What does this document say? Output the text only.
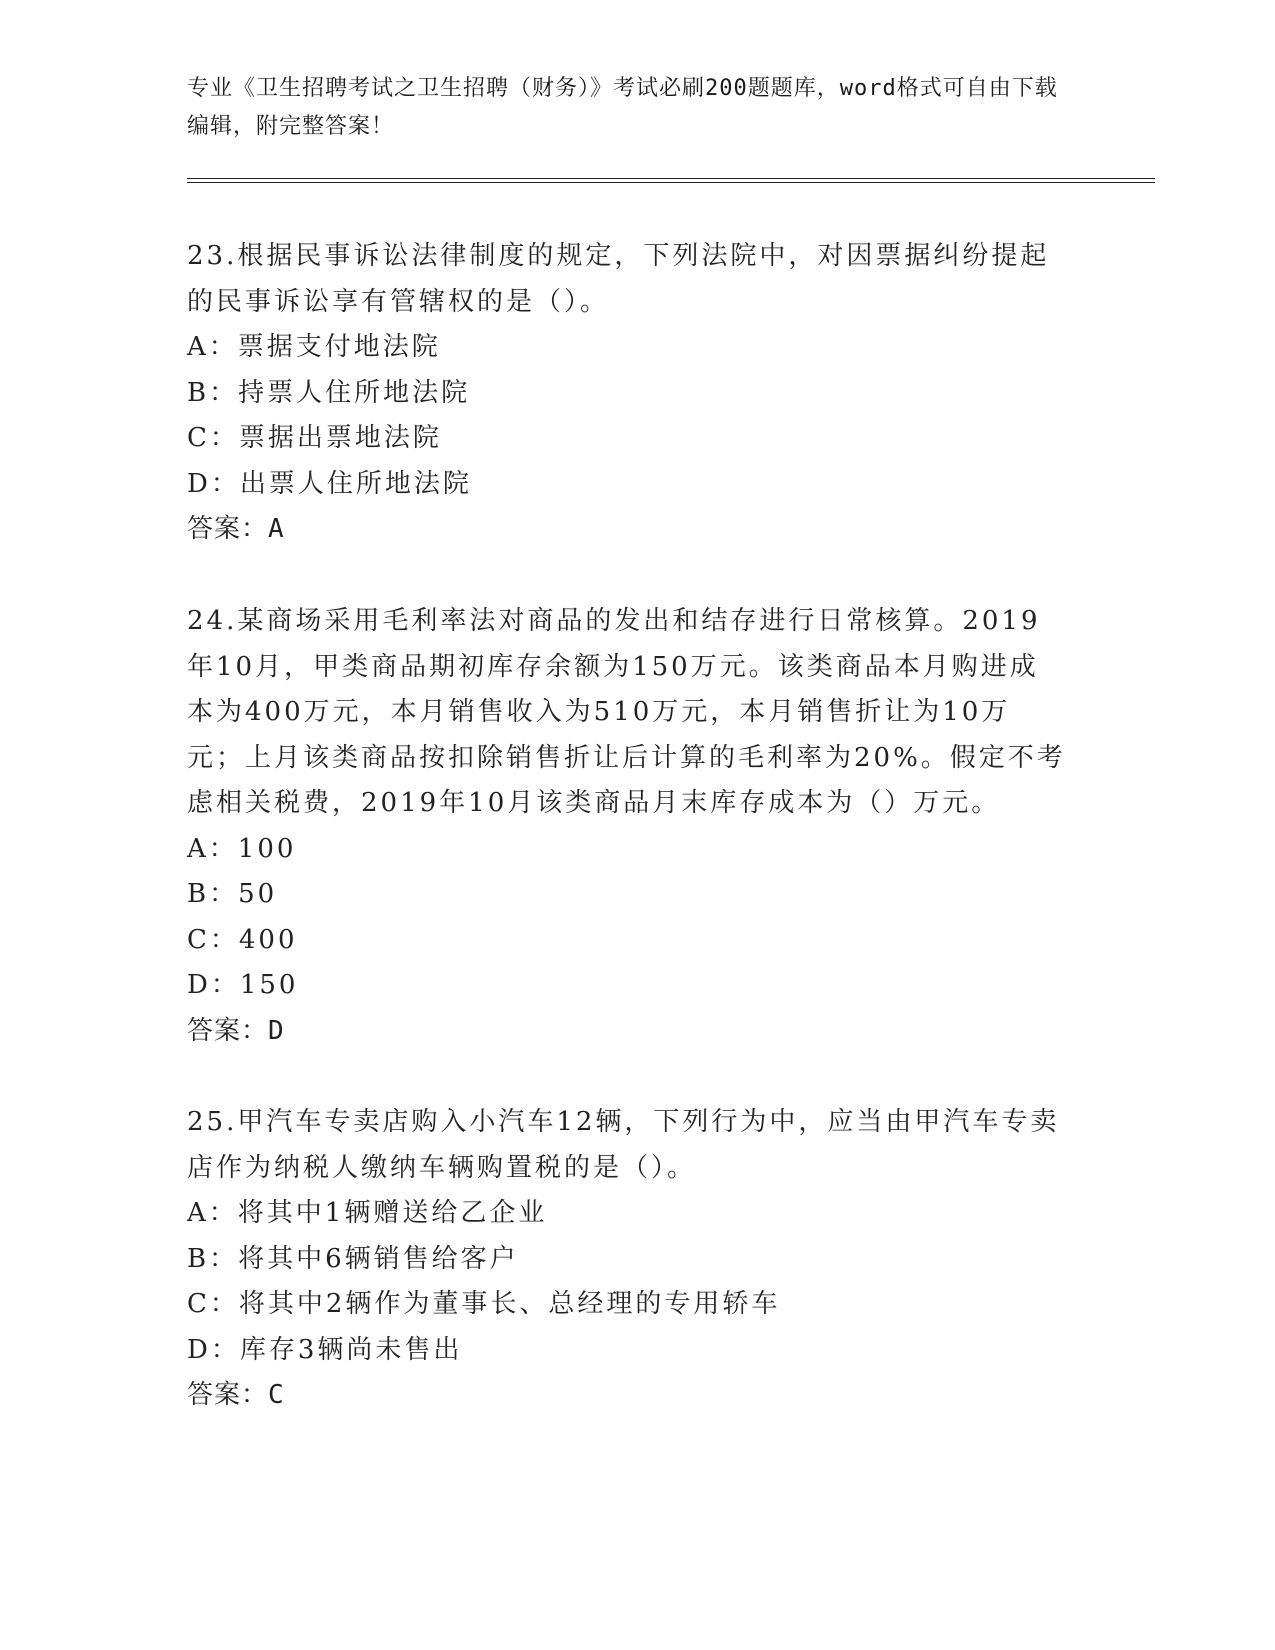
专业《卫生招聘考试之卫生招聘（财务）》考试必刷200题题库，word格式可自由下载编辑，附完整答案！

23.根据民事诉讼法律制度的规定，下列法院中，对因票据纠纷提起的民事诉讼享有管辖权的是（）。

A：票据支付地法院
B：持票人住所地法院
C：票据出票地法院
D：出票人住所地法院
答案：A

24.某商场采用毛利率法对商品的发出和结存进行日常核算。2019年10月，甲类商品期初库存余额为150万元。该类商品本月购进成本为400万元，本月销售收入为510万元，本月销售折让为10万元；上月该类商品按扣除销售折让后计算的毛利率为20%。假定不考虑相关税费，2019年10月该类商品月末库存成本为（）万元。

A：100
B：50
C：400
D：150
答案：D

25.甲汽车专卖店购入小汽车12辆，下列行为中，应当由甲汽车专卖店作为纳税人缴纳车辆购置税的是（）。

A：将其中1辆赠送给乙企业
B：将其中6辆销售给客户
C：将其中2辆作为董事长、总经理的专用轿车
D：库存3辆尚未售出
答案：C
